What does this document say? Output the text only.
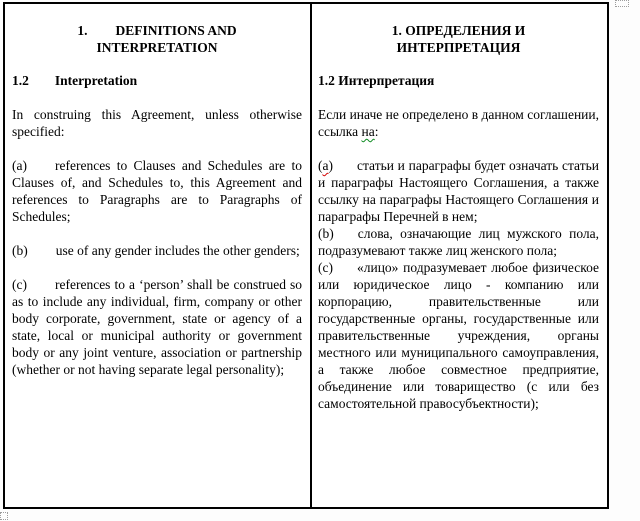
1. DEFINITIONS AND INTERPRETATION
1.2 Interpretation

In construing this Agreement, unless otherwise specified:

(a) references to Clauses and Schedules are to Clauses of, and Schedules to, this Agreement and references to Paragraphs are to Paragraphs of Schedules;

(b) use of any gender includes the other genders;

(c) references to a ‘person’ shall be construed so as to include any individual, firm, company or other body corporate, government, state or agency of a state, local or municipal authority or government body or any joint venture, association or partnership (whether or not having separate legal personality);

1. ОПРЕДЕЛЕНИЯ И ИНТЕРПРЕТАЦИЯ
1.2 Интерпретация

Если иначе не определено в данном соглашении, ссылка на:

(а) статьи и параграфы будет означать статьи и параграфы Настоящего Соглашения, а также ссылку на параграфы Настоящего Соглашения и параграфы Перечней в нем;

(b) слова, означающие лиц мужского пола, подразумевают также лиц женского пола;

(c) «лицо» подразумевает любое физическое или юридическое лицо - компанию или корпорацию, правительственные или государственные органы, государственные или правительственные учреждения, органы местного или муниципального самоуправления, а также любое совместное предприятие, объединение или товарищество (с или без самостоятельной правосубъектности);
